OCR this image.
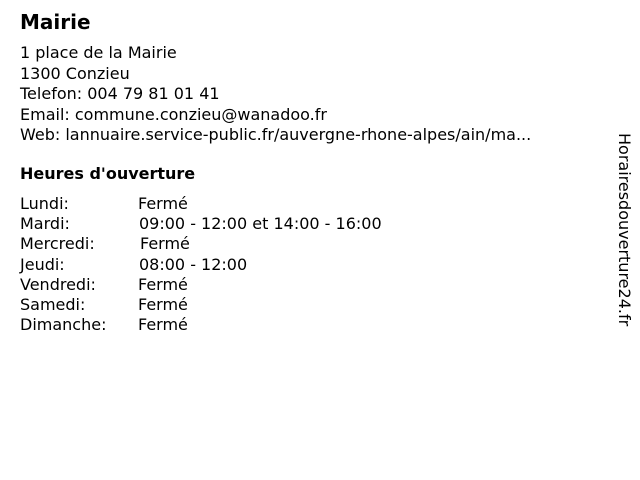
Mairie
1 place de la Mairie
1300 Conzieu
Telefon: 004 79 81 01 41
Email: commune.conzieu@wanadoo.fr
Web: lannuaire.service-public.fr/auvergne-rhone-alpes/ain/ma...
Heures d'ouverture
Lundi:	Fermé
Mardi:	09:00 - 12:00 et 14:00 - 16:00
Mercredi:	Fermé
Jeudi:	08:00 - 12:00
Vendredi:	Fermé
Samedi:	Fermé
Dimanche: Fermé	Horairesdouverture24.fr
